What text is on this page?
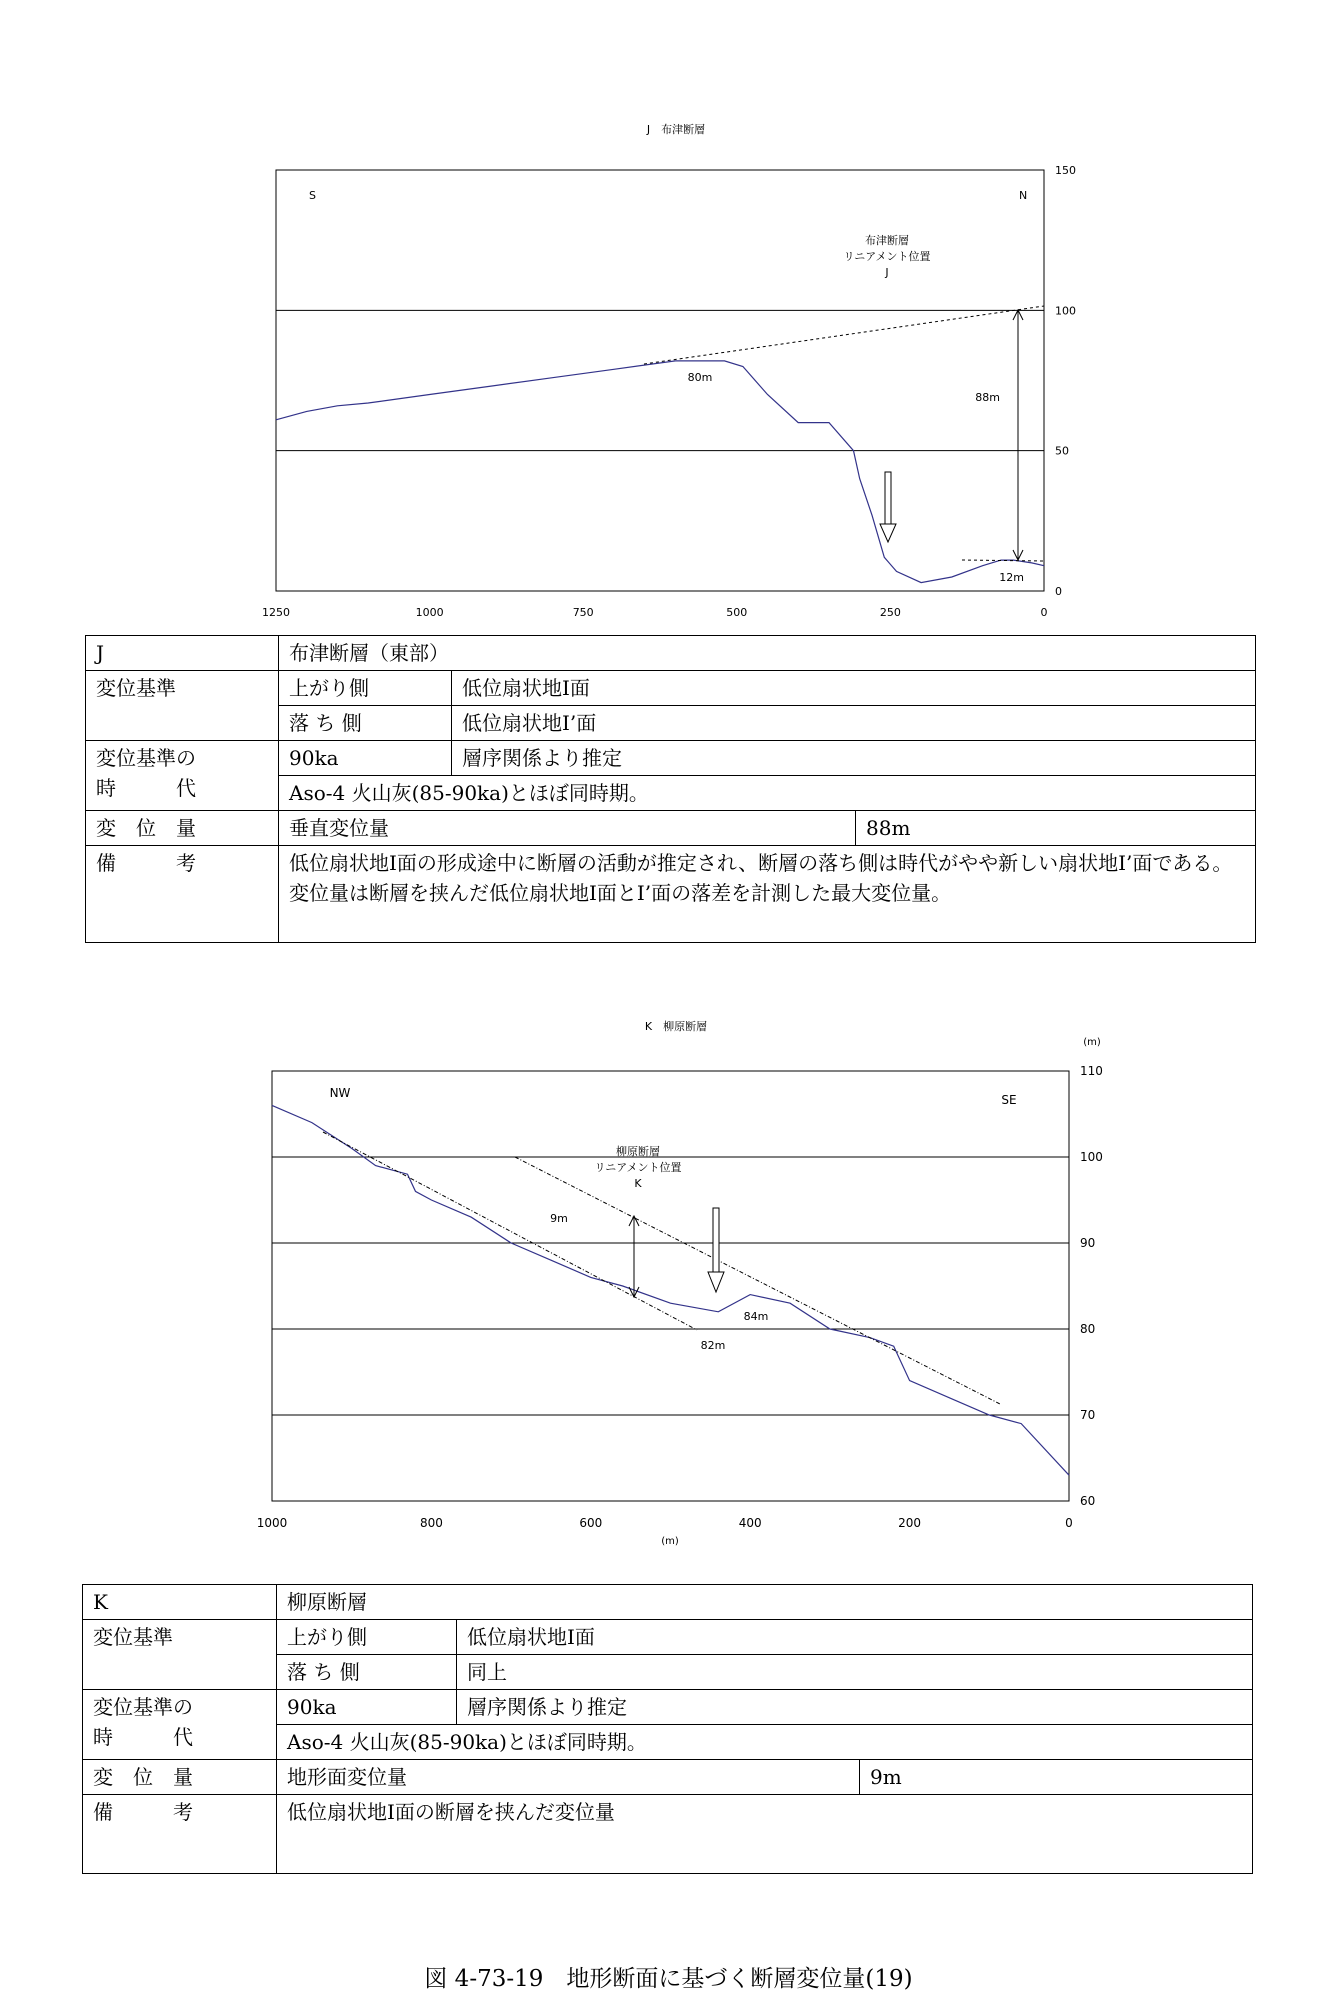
J　布津断層
150
100
50
0
1250	1000	750	500	250	0
S	N
布津断層
リニアメント位置
J
88m
80m
12m
K　柳原断層
(m)
110
100
90
80
70
60
1000	800	600	400	200	0
(m)
NW	SE
柳原断層
リニアメント位置
K
9m
84m
82m
J	布津断層（東部）		
変位基準	上がり側	低位扇状地Ⅰ面	
	落 ち 側	低位扇状地Ⅰ’面	

変位基準の
時　　　代	90ka	層序関係より推定	
	Aso-4 火山灰(85-90ka)とほぼ同時期。		
変　位　量	垂直変位量		88m
備　　　考	低位扇状地Ⅰ面の形成途中に断層の活動が推定され、断層の落ち側は時代がやや新しい扇状地Ⅰ’面である。変位量は断層を挟んだ低位扇状地Ⅰ面とⅠ’面の落差を計測した最大変位量。		
K	柳原断層		
変位基準	上がり側	低位扇状地Ⅰ面	
	落 ち 側	同上	

変位基準の
時　　　代	90ka	層序関係より推定	
	Aso-4 火山灰(85-90ka)とほぼ同時期。		
変　位　量	地形面変位量		9m
備　　　考	低位扇状地Ⅰ面の断層を挟んだ変位量		
図 4-73-19　地形断面に基づく断層変位量(19)
